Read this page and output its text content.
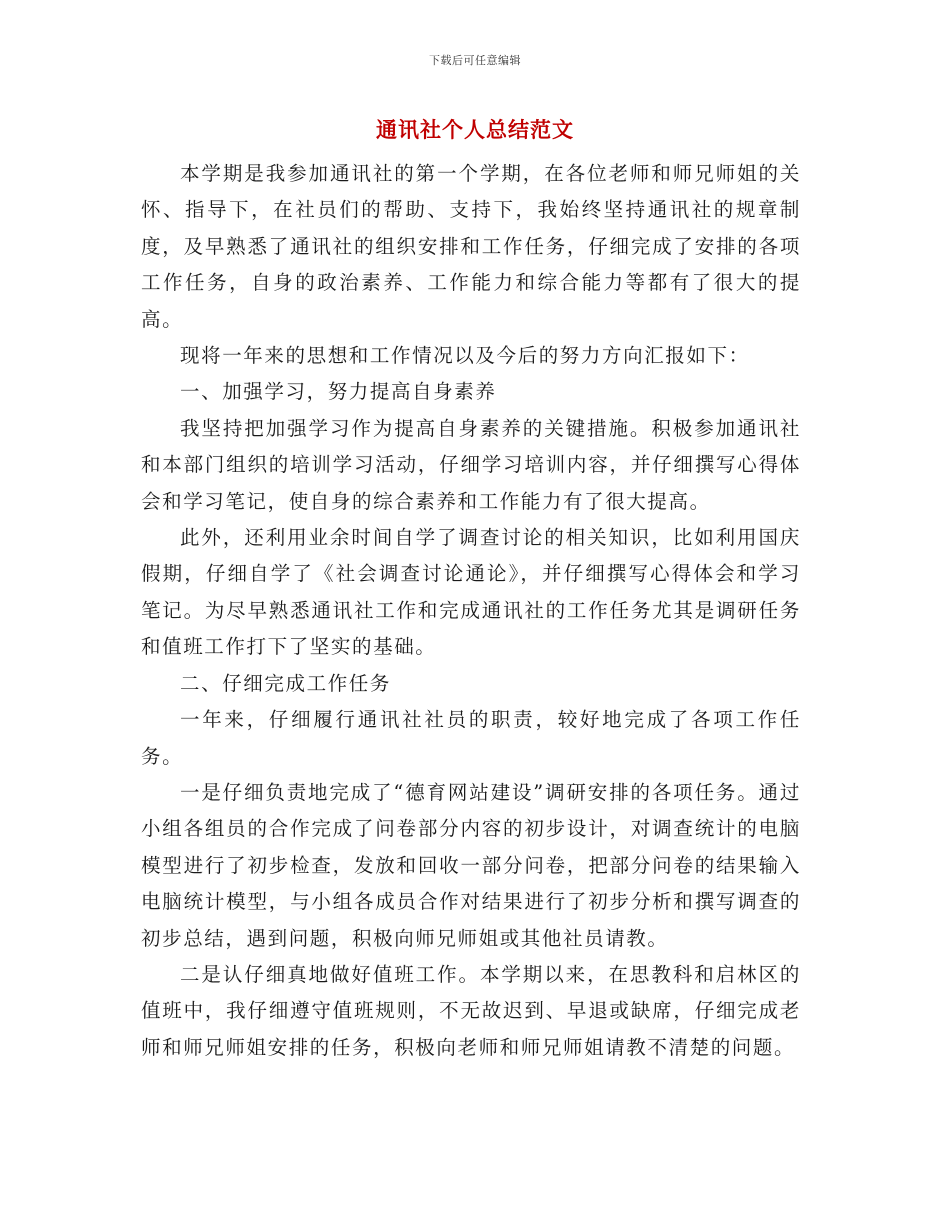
下载后可任意编辑
通讯社个人总结范文

本学期是我参加通讯社的第一个学期，在各位老师和师兄师姐的关怀、指导下，在社员们的帮助、支持下，我始终坚持通讯社的规章制度，及早熟悉了通讯社的组织安排和工作任务，仔细完成了安排的各项工作任务，自身的政治素养、工作能力和综合能力等都有了很大的提高。

现将一年来的思想和工作情况以及今后的努力方向汇报如下：

一、加强学习，努力提高自身素养

我坚持把加强学习作为提高自身素养的关键措施。积极参加通讯社和本部门组织的培训学习活动，仔细学习培训内容，并仔细撰写心得体会和学习笔记，使自身的综合素养和工作能力有了很大提高。

此外，还利用业余时间自学了调查讨论的相关知识，比如利用国庆假期，仔细自学了《社会调查讨论通论》，并仔细撰写心得体会和学习笔记。为尽早熟悉通讯社工作和完成通讯社的工作任务尤其是调研任务和值班工作打下了坚实的基础。

二、仔细完成工作任务

一年来，仔细履行通讯社社员的职责，较好地完成了各项工作任务。

一是仔细负责地完成了“德育网站建设”调研安排的各项任务。通过小组各组员的合作完成了问卷部分内容的初步设计，对调查统计的电脑模型进行了初步检查，发放和回收一部分问卷，把部分问卷的结果输入电脑统计模型，与小组各成员合作对结果进行了初步分析和撰写调查的初步总结，遇到问题，积极向师兄师姐或其他社员请教。

二是认仔细真地做好值班工作。本学期以来，在思教科和启林区的值班中，我仔细遵守值班规则，不无故迟到、早退或缺席，仔细完成老师和师兄师姐安排的任务，积极向老师和师兄师姐请教不清楚的问题。
